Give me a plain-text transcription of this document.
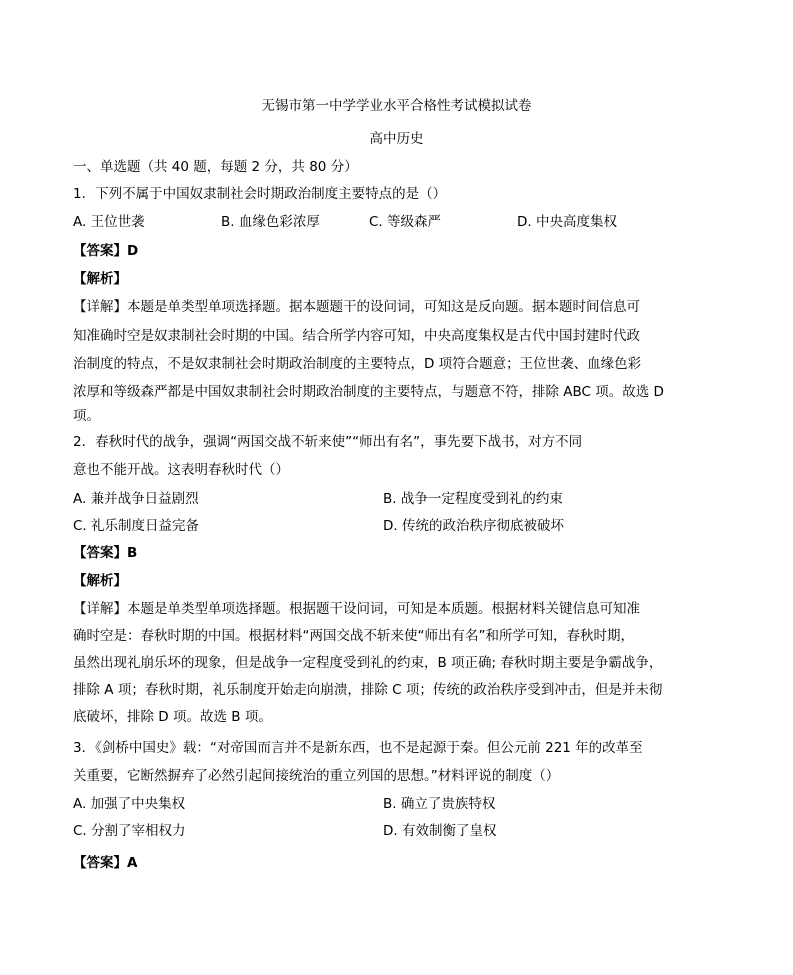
无锡市第一中学学业水平合格性考试模拟试卷
高中历史
一、单选题（共 40 题，每题 2 分，共 80 分）
1．下列不属于中国奴隶制社会时期政治制度主要特点的是（）
A. 王位世袭	B. 血缘色彩浓厚	C. 等级森严	D. 中央高度集权
【答案】D
【解析】
【详解】本题是单类型单项选择题。据本题题干的设问词，可知这是反向题。据本题时间信息可
知准确时空是奴隶制社会时期的中国。结合所学内容可知，中央高度集权是古代中国封建时代政
治制度的特点，不是奴隶制社会时期政治制度的主要特点，D 项符合题意；王位世袭、血缘色彩
浓厚和等级森严都是中国奴隶制社会时期政治制度的主要特点，与题意不符，排除 ABC 项。故选 D
项。
2．春秋时代的战争，强调“两国交战不斩来使”“师出有名”，事先要下战书，对方不同
意也不能开战。这表明春秋时代（）
A. 兼并战争日益剧烈	B. 战争一定程度受到礼的约束
C. 礼乐制度日益完备	D. 传统的政治秩序彻底被破坏
【答案】B
【解析】
【详解】本题是单类型单项选择题。根据题干设问词，可知是本质题。根据材料关键信息可知准
确时空是：春秋时期的中国。根据材料“两国交战不斩来使“师出有名”和所学可知，春秋时期，
虽然出现礼崩乐坏的现象，但是战争一定程度受到礼的约束，B 项正确; 春秋时期主要是争霸战争，
排除 A 项；春秋时期，礼乐制度开始走向崩溃，排除 C 项；传统的政治秩序受到冲击，但是并未彻
底破坏，排除 D 项。故选 B 项。
3．《剑桥中国史》载：“对帝国而言并不是新东西，也不是起源于秦。但公元前 221 年的改革至
关重要，它断然摒弃了必然引起间接统治的重立列国的思想。”材料评说的制度（）
A. 加强了中央集权	B. 确立了贵族特权
C. 分割了宰相权力	D. 有效制衡了皇权
【答案】A
